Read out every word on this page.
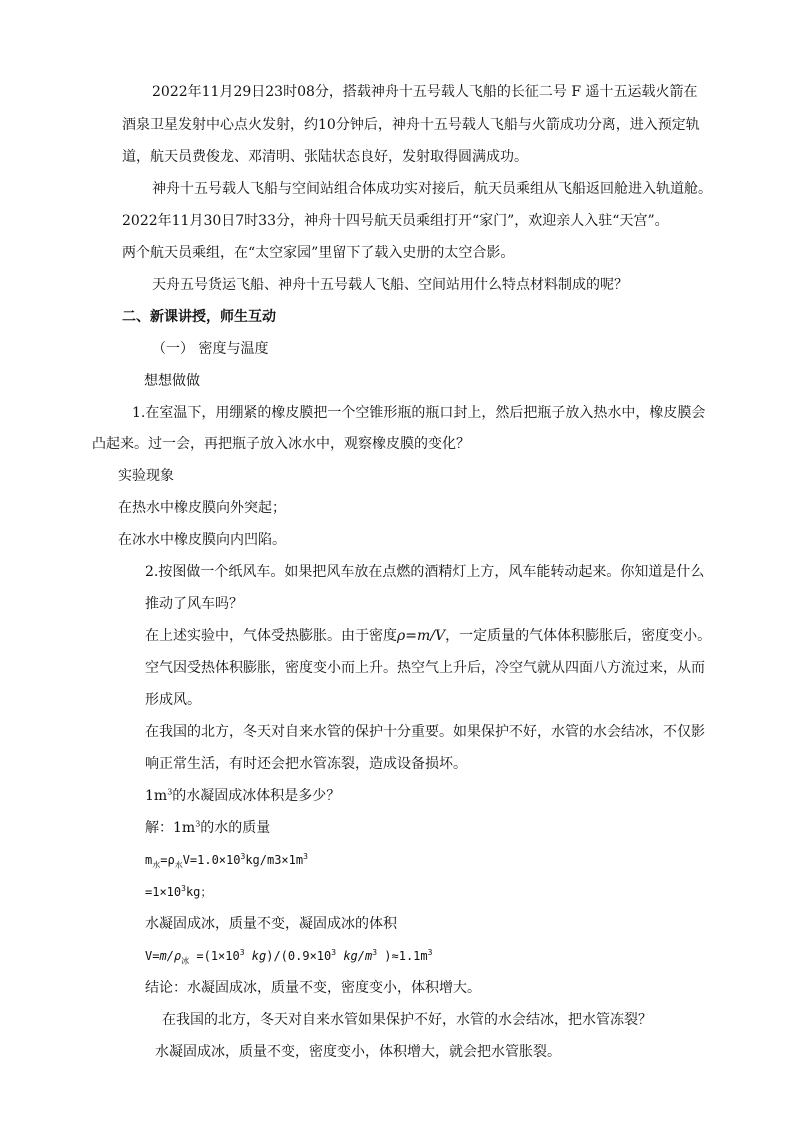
2022年11月29日23时08分，搭载神舟十五号载人飞船的长征二号 F 遥十五运载火箭在
酒泉卫星发射中心点火发射，约10分钟后，神舟十五号载人飞船与火箭成功分离，进入预定轨
道，航天员费俊龙、邓清明、张陆状态良好，发射取得圆满成功。
神舟十五号载人飞船与空间站组合体成功实对接后，航天员乘组从飞船返回舱进入轨道舱。
2022年11月30日7时33分，神舟十四号航天员乘组打开“家门”，欢迎亲人入驻“天宫”。
两个航天员乘组，在“太空家园”里留下了载入史册的太空合影。
天舟五号货运飞船、神舟十五号载人飞船、空间站用什么特点材料制成的呢？
二、新课讲授，师生互动
（一） 密度与温度
想想做做
1.在室温下，用绷紧的橡皮膜把一个空锥形瓶的瓶口封上，然后把瓶子放入热水中，橡皮膜会
凸起来。过一会，再把瓶子放入冰水中，观察橡皮膜的变化？
实验现象
在热水中橡皮膜向外突起；
在冰水中橡皮膜向内凹陷。
2.按图做一个纸风车。如果把风车放在点燃的酒精灯上方，风车能转动起来。你知道是什么
推动了风车吗？
在上述实验中，气体受热膨胀。由于密度ρ=m/V，一定质量的气体体积膨胀后，密度变小。
空气因受热体积膨胀，密度变小而上升。热空气上升后，冷空气就从四面八方流过来，从而
形成风。
在我国的北方，冬天对自来水管的保护十分重要。如果保护不好，水管的水会结冰，不仅影
响正常生活，有时还会把水管冻裂，造成设备损坏。
$1m^3$的水凝固成冰体积是多少？
解：$1m^3$的水的质量
$m_水=\rho_水V=1.0\times 10^3kg/m3\times 1m^3$
$=1\times 10^3kg$；
水凝固成冰，质量不变，凝固成冰的体积
$V=m/\rho_冰 =(1\times 10^3$ $kg)/(0.9\times 10^3$ $kg/m^3$ )$\approx 1.1m^3$
结论：水凝固成冰，质量不变，密度变小，体积增大。
在我国的北方，冬天对自来水管如果保护不好，水管的水会结冰，把水管冻裂？
水凝固成冰，质量不变，密度变小，体积增大，就会把水管胀裂。
